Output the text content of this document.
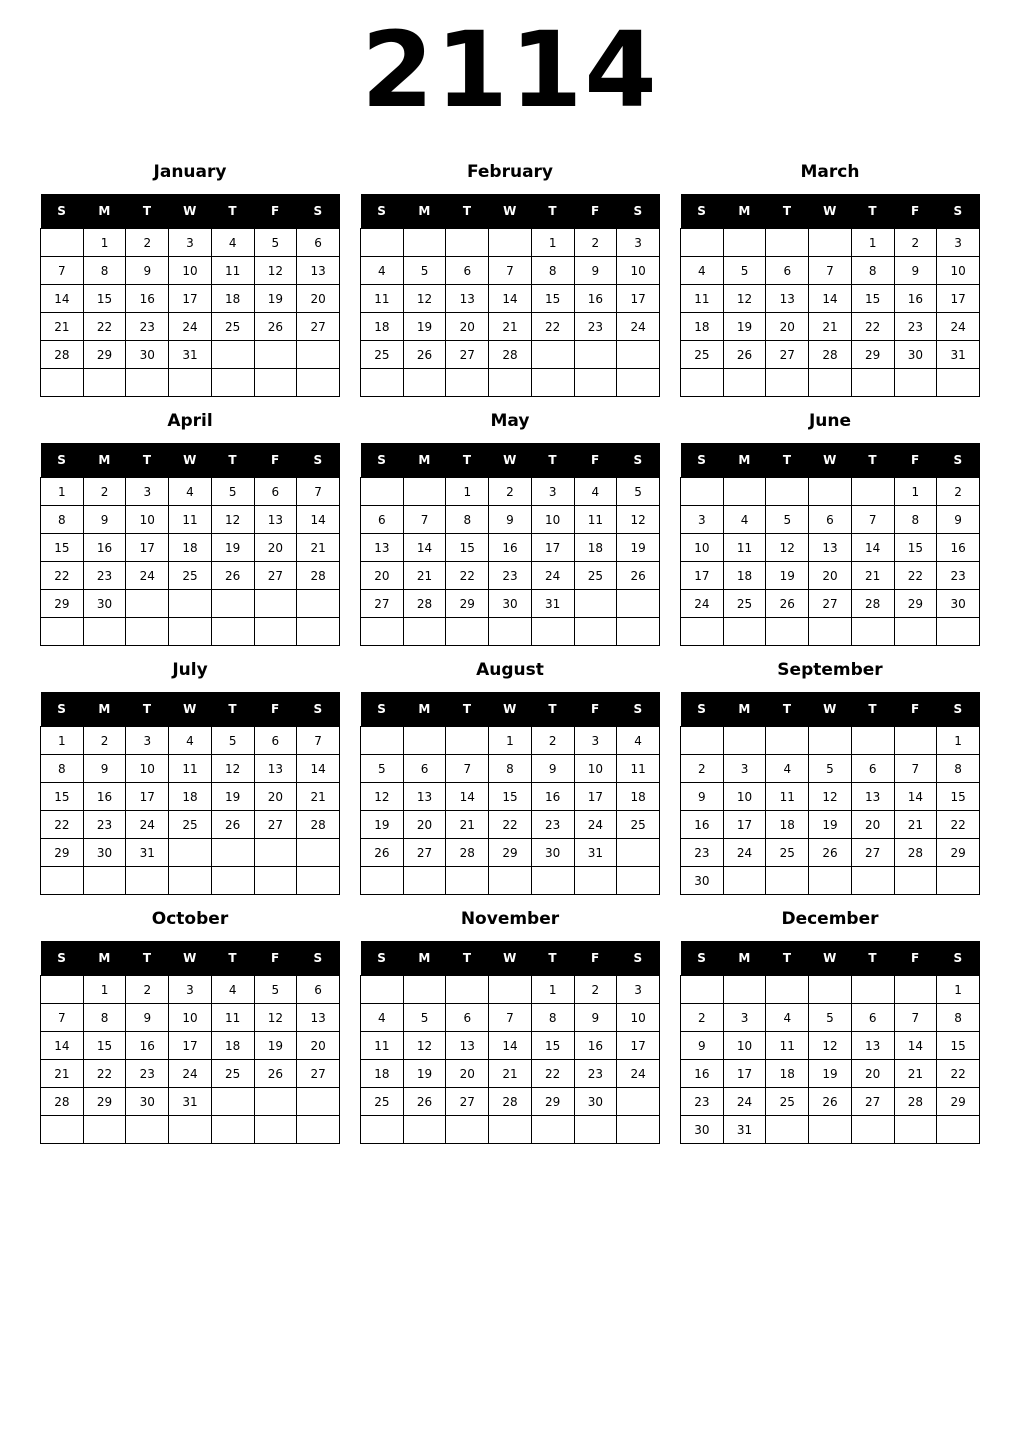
2114
January
S	M	T	W	T	F	S
	1	2	3	4	5	6
7	8	9	10	11	12	13
14	15	16	17	18	19	20
21	22	23	24	25	26	27
28	29	30	31			

February
S	M	T	W	T	F	S
				1	2	3
4	5	6	7	8	9	10
11	12	13	14	15	16	17
18	19	20	21	22	23	24
25	26	27	28			

March
S	M	T	W	T	F	S
				1	2	3
4	5	6	7	8	9	10
11	12	13	14	15	16	17
18	19	20	21	22	23	24
25	26	27	28	29	30	31

April
S	M	T	W	T	F	S
1	2	3	4	5	6	7
8	9	10	11	12	13	14
15	16	17	18	19	20	21
22	23	24	25	26	27	28
29	30					

May
S	M	T	W	T	F	S
		1	2	3	4	5
6	7	8	9	10	11	12
13	14	15	16	17	18	19
20	21	22	23	24	25	26
27	28	29	30	31		

June
S	M	T	W	T	F	S
					1	2
3	4	5	6	7	8	9
10	11	12	13	14	15	16
17	18	19	20	21	22	23
24	25	26	27	28	29	30

July
S	M	T	W	T	F	S
1	2	3	4	5	6	7
8	9	10	11	12	13	14
15	16	17	18	19	20	21
22	23	24	25	26	27	28
29	30	31				

August
S	M	T	W	T	F	S
			1	2	3	4
5	6	7	8	9	10	11
12	13	14	15	16	17	18
19	20	21	22	23	24	25
26	27	28	29	30	31	

September
S	M	T	W	T	F	S
						1
2	3	4	5	6	7	8
9	10	11	12	13	14	15
16	17	18	19	20	21	22
23	24	25	26	27	28	29
30						
October
S	M	T	W	T	F	S
	1	2	3	4	5	6
7	8	9	10	11	12	13
14	15	16	17	18	19	20
21	22	23	24	25	26	27
28	29	30	31			

November
S	M	T	W	T	F	S
				1	2	3
4	5	6	7	8	9	10
11	12	13	14	15	16	17
18	19	20	21	22	23	24
25	26	27	28	29	30	

December
S	M	T	W	T	F	S
						1
2	3	4	5	6	7	8
9	10	11	12	13	14	15
16	17	18	19	20	21	22
23	24	25	26	27	28	29
30	31					
